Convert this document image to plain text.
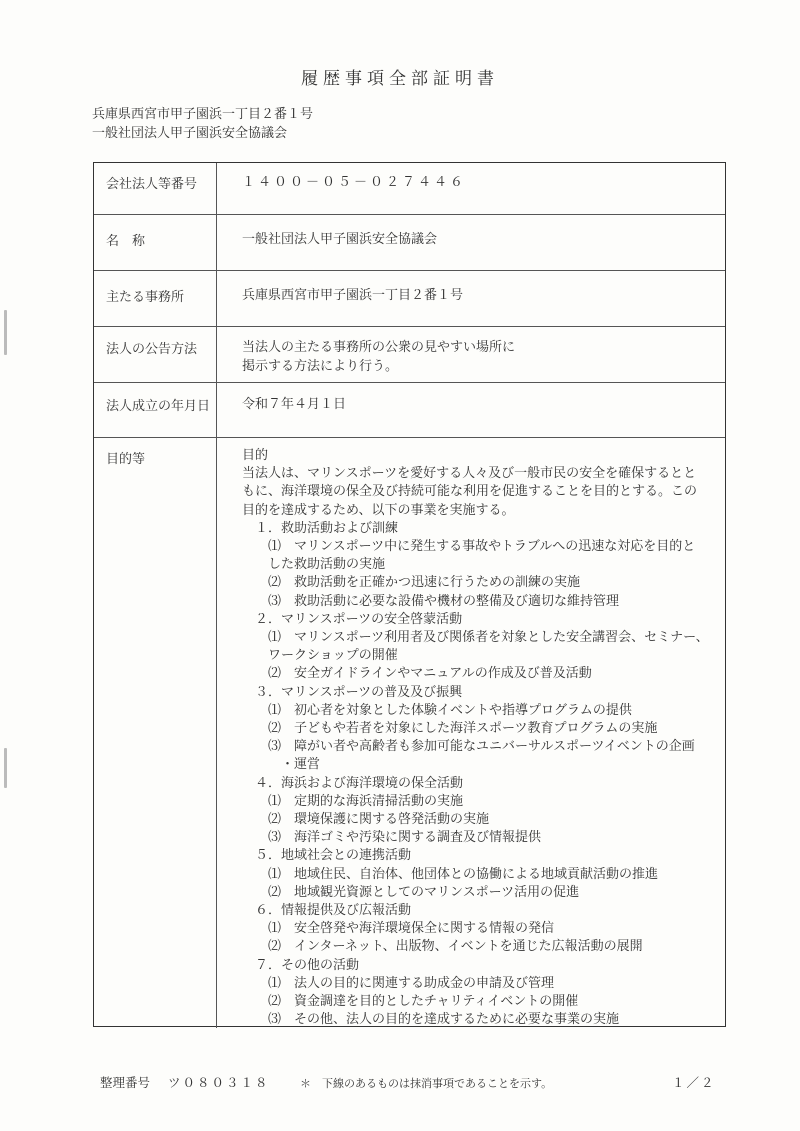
履歴事項全部証明書
兵庫県西宮市甲子園浜一丁目２番１号
一般社団法人甲子園浜安全協議会
会社法人等番号	１４００－０５－０２７４４６
名　称	一般社団法人甲子園浜安全協議会
主たる事務所	兵庫県西宮市甲子園浜一丁目２番１号
法人の公告方法	当法人の主たる事務所の公衆の見やすい場所に
掲示する方法により行う。
法人成立の年月日 令和７年４月１日
目的等	目的
当法人は、マリンスポーツを愛好する人々及び一般市民の安全を確保するとと
もに、海洋環境の保全及び持続可能な利用を促進することを目的とする。この
目的を達成するため、以下の事業を実施する。
　１．救助活動および訓練
　　⑴　マリンスポーツ中に発生する事故やトラブルへの迅速な対応を目的と
　　した救助活動の実施
　　⑵　救助活動を正確かつ迅速に行うための訓練の実施
　　⑶　救助活動に必要な設備や機材の整備及び適切な維持管理
　２．マリンスポーツの安全啓蒙活動
　　⑴　マリンスポーツ利用者及び関係者を対象とした安全講習会、セミナー、
　　ワークショップの開催
　　⑵　安全ガイドラインやマニュアルの作成及び普及活動
　３．マリンスポーツの普及及び振興
　　⑴　初心者を対象とした体験イベントや指導プログラムの提供
　　⑵　子どもや若者を対象にした海洋スポーツ教育プログラムの実施
　　⑶　障がい者や高齢者も参加可能なユニバーサルスポーツイベントの企画
　　　・運営
　４．海浜および海洋環境の保全活動
　　⑴　定期的な海浜清掃活動の実施
　　⑵　環境保護に関する啓発活動の実施
　　⑶　海洋ゴミや汚染に関する調査及び情報提供
　５．地域社会との連携活動
　　⑴　地域住民、自治体、他団体との協働による地域貢献活動の推進
　　⑵　地域観光資源としてのマリンスポーツ活用の促進
　６．情報提供及び広報活動
　　⑴　安全啓発や海洋環境保全に関する情報の発信
　　⑵　インターネット、出版物、イベントを通じた広報活動の展開
　７．その他の活動
　　⑴　法人の目的に関連する助成金の申請及び管理
　　⑵　資金調達を目的としたチャリティイベントの開催
　　⑶　その他、法人の目的を達成するために必要な事業の実施
整理番号 ツ０８０３１８	＊　下線のあるものは抹消事項であることを示す。	１／２
